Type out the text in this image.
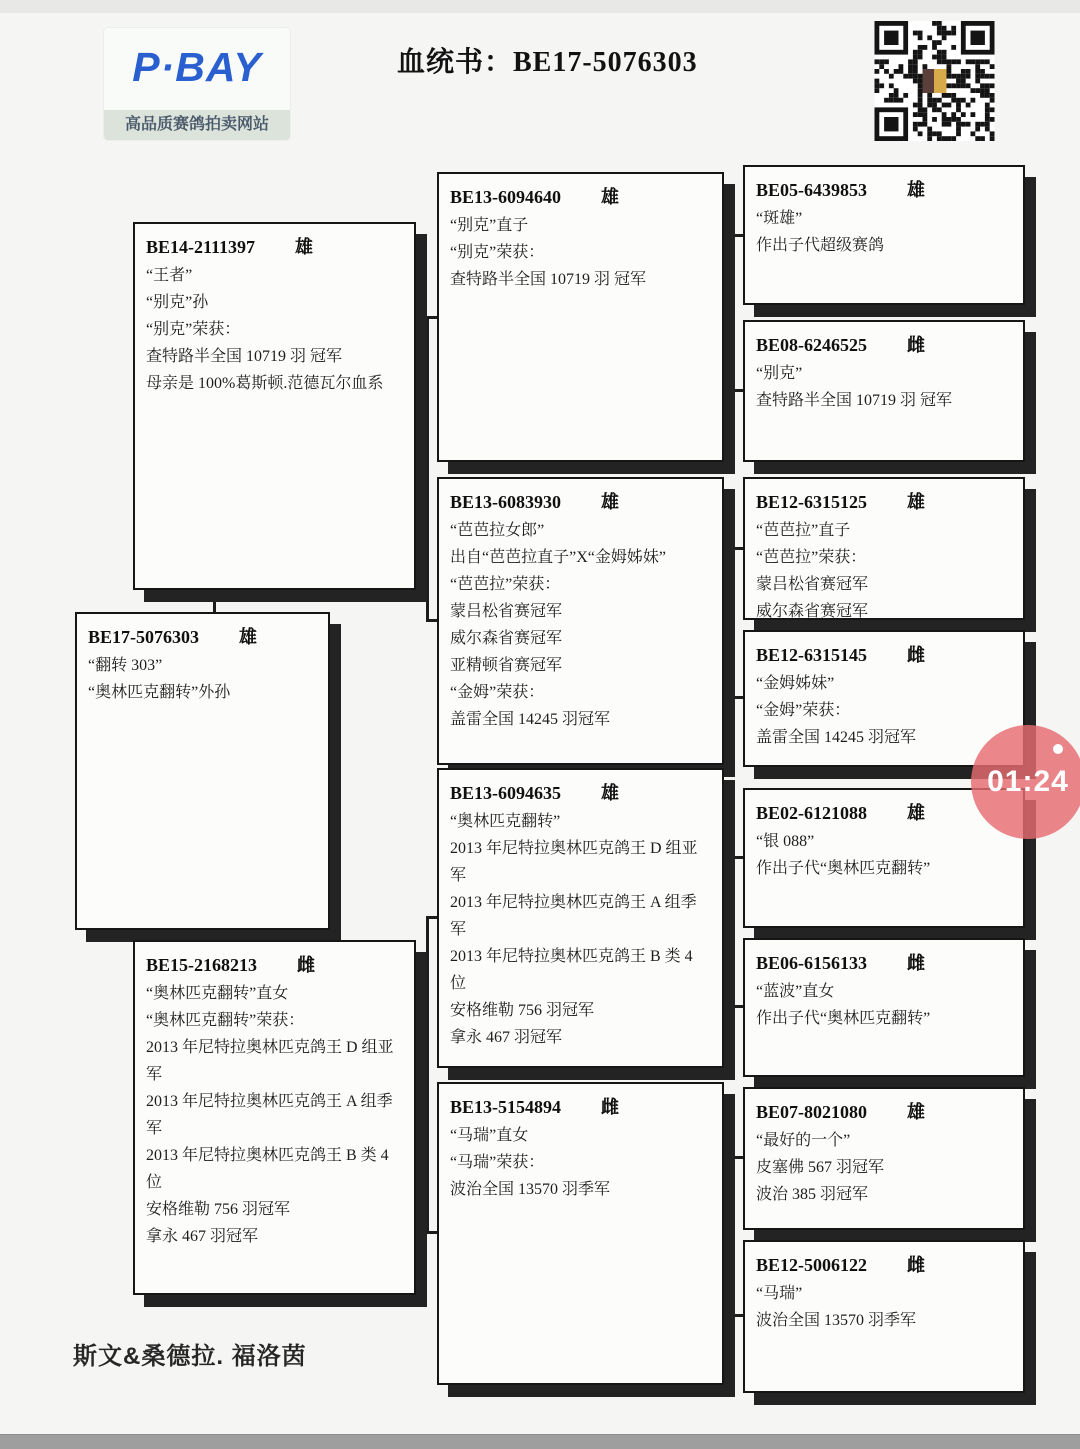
P·BAY
高品质赛鸽拍卖网站
血统书：BE17-5076303
BE17-5076303 雄
“翻转 303”
“奥林匹克翻转”外孙
BE14-2111397 雄
“王者”
“别克”孙
“别克”荣获：
查特路半全国 10719 羽 冠军
母亲是 100%葛斯顿.范德瓦尔血系
BE15-2168213 雌
“奥林匹克翻转”直女
“奥林匹克翻转”荣获：
2013 年尼特拉奥林匹克鸽王 D 组亚军
2013 年尼特拉奥林匹克鸽王 A 组季军
2013 年尼特拉奥林匹克鸽王 B 类 4 位
安格维勒 756 羽冠军
拿永 467 羽冠军
BE13-6094640 雄
“别克”直子
“别克”荣获：
查特路半全国 10719 羽 冠军
BE13-6083930 雄
“芭芭拉女郎”
出自“芭芭拉直子”X“金姆姊妹”
“芭芭拉”荣获：
蒙吕松省赛冠军
威尔森省赛冠军
亚精顿省赛冠军
“金姆”荣获：
盖雷全国 14245 羽冠军
BE13-6094635 雄
“奥林匹克翻转”
2013 年尼特拉奥林匹克鸽王 D 组亚军
2013 年尼特拉奥林匹克鸽王 A 组季军
2013 年尼特拉奥林匹克鸽王 B 类 4 位
安格维勒 756 羽冠军
拿永 467 羽冠军
BE13-5154894 雌
“马瑞”直女
“马瑞”荣获：
波治全国 13570 羽季军
BE05-6439853 雄
“斑雄”
作出子代超级赛鸽
BE08-6246525 雌
“别克”
查特路半全国 10719 羽 冠军
BE12-6315125 雄
“芭芭拉”直子
“芭芭拉”荣获：
蒙吕松省赛冠军
威尔森省赛冠军
BE12-6315145 雌
“金姆姊妹”
“金姆”荣获：
盖雷全国 14245 羽冠军
BE02-6121088 雄
“银 088”
作出子代“奥林匹克翻转”
BE06-6156133 雌
“蓝波”直女
作出子代“奥林匹克翻转”
BE07-8021080 雄
“最好的一个”
皮塞佛 567 羽冠军
波治 385 羽冠军
BE12-5006122 雌
“马瑞”
波治全国 13570 羽季军
01:24
斯文&桑德拉. 福洛茵
